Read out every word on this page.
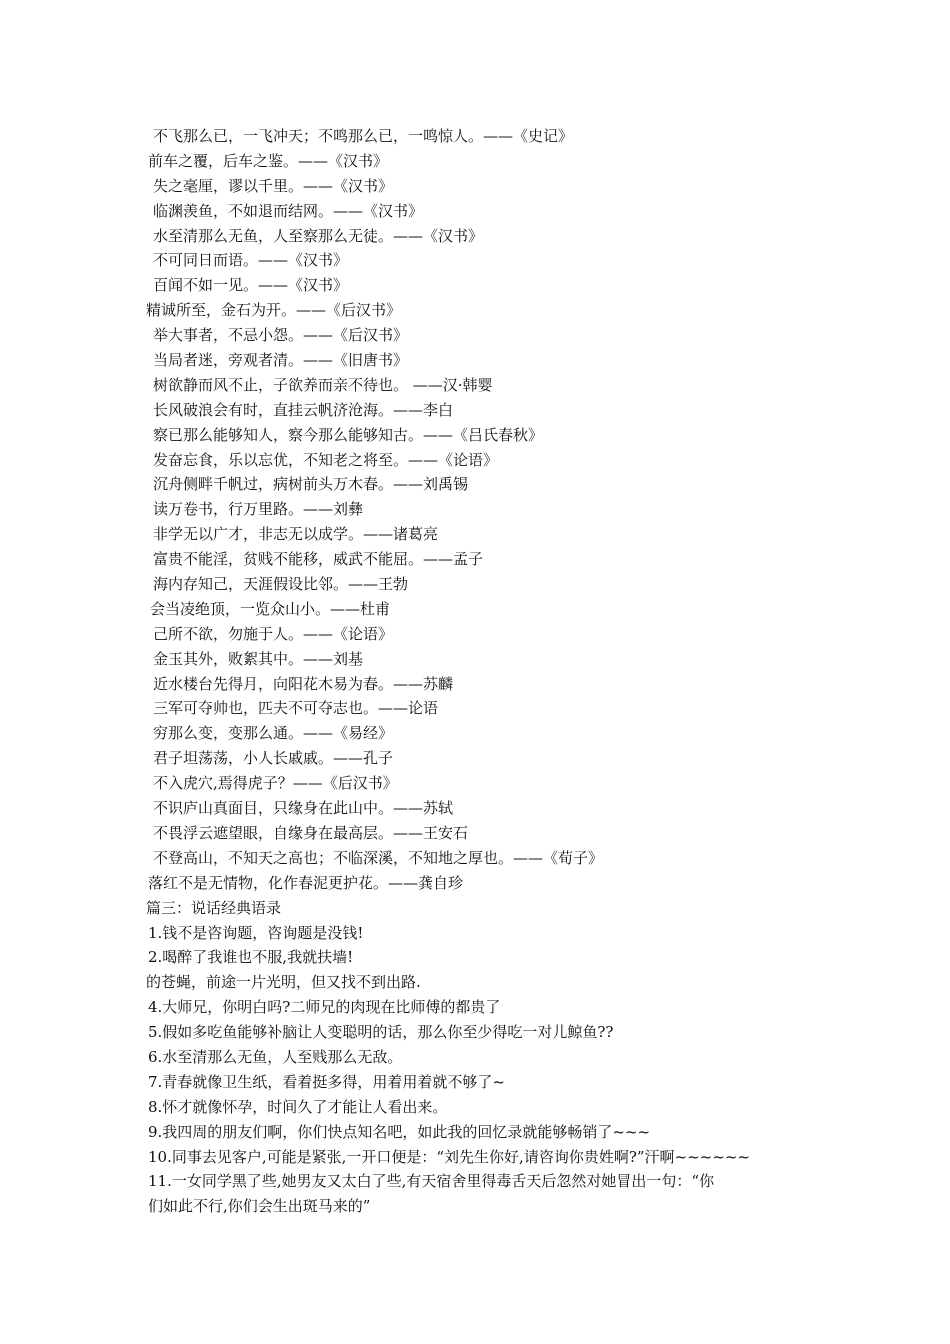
不飞那么已，一飞冲天；不鸣那么已，一鸣惊人。——《史记》
前车之覆，后车之鉴。——《汉书》
失之毫厘，谬以千里。——《汉书》
临渊羡鱼，不如退而结网。——《汉书》
水至清那么无鱼，人至察那么无徒。——《汉书》
不可同日而语。——《汉书》
百闻不如一见。——《汉书》
精诚所至，金石为开。——《后汉书》
举大事者，不忌小怨。——《后汉书》
当局者迷，旁观者清。——《旧唐书》
树欲静而风不止，子欲养而亲不待也。 ——汉·韩婴
长风破浪会有时，直挂云帆济沧海。——李白
察已那么能够知人，察今那么能够知古。——《吕氏春秋》
发奋忘食，乐以忘优，不知老之将至。——《论语》
沉舟侧畔千帆过，病树前头万木春。——刘禹锡
读万卷书，行万里路。——刘彝
非学无以广才，非志无以成学。——诸葛亮
富贵不能淫，贫贱不能移，威武不能屈。——孟子
海内存知己，天涯假设比邻。——王勃
会当凌绝顶，一览众山小。——杜甫
己所不欲，勿施于人。——《论语》
金玉其外，败絮其中。——刘基
近水楼台先得月，向阳花木易为春。——苏麟
三军可夺帅也，匹夫不可夺志也。——论语
穷那么变，变那么通。——《易经》
君子坦荡荡，小人长戚戚。——孔子
不入虎穴,焉得虎子？——《后汉书》
不识庐山真面目，只缘身在此山中。——苏轼
不畏浮云遮望眼，自缘身在最高层。——王安石
不登高山，不知天之高也；不临深溪，不知地之厚也。——《荀子》
落红不是无情物，化作春泥更护花。——龚自珍
篇三：说话经典语录
1.钱不是咨询题，咨询题是没钱!
2.喝醉了我谁也不服,我就扶墙!
的苍蝇，前途一片光明，但又找不到出路.
4.大师兄，你明白吗?二师兄的肉现在比师傅的都贵了
5.假如多吃鱼能够补脑让人变聪明的话，那么你至少得吃一对儿鲸鱼??
6.水至清那么无鱼，人至贱那么无敌。
7.青春就像卫生纸，看着挺多得，用着用着就不够了~
8.怀才就像怀孕，时间久了才能让人看出来。
9.我四周的朋友们啊，你们快点知名吧，如此我的回忆录就能够畅销了~~~
10.同事去见客户,可能是紧张,一开口便是：“刘先生你好,请咨询你贵姓啊?”汗啊~~~~~~
11.一女同学黑了些,她男友又太白了些,有天宿舍里得毒舌天后忽然对她冒出一句：“你
们如此不行,你们会生出斑马来的”
